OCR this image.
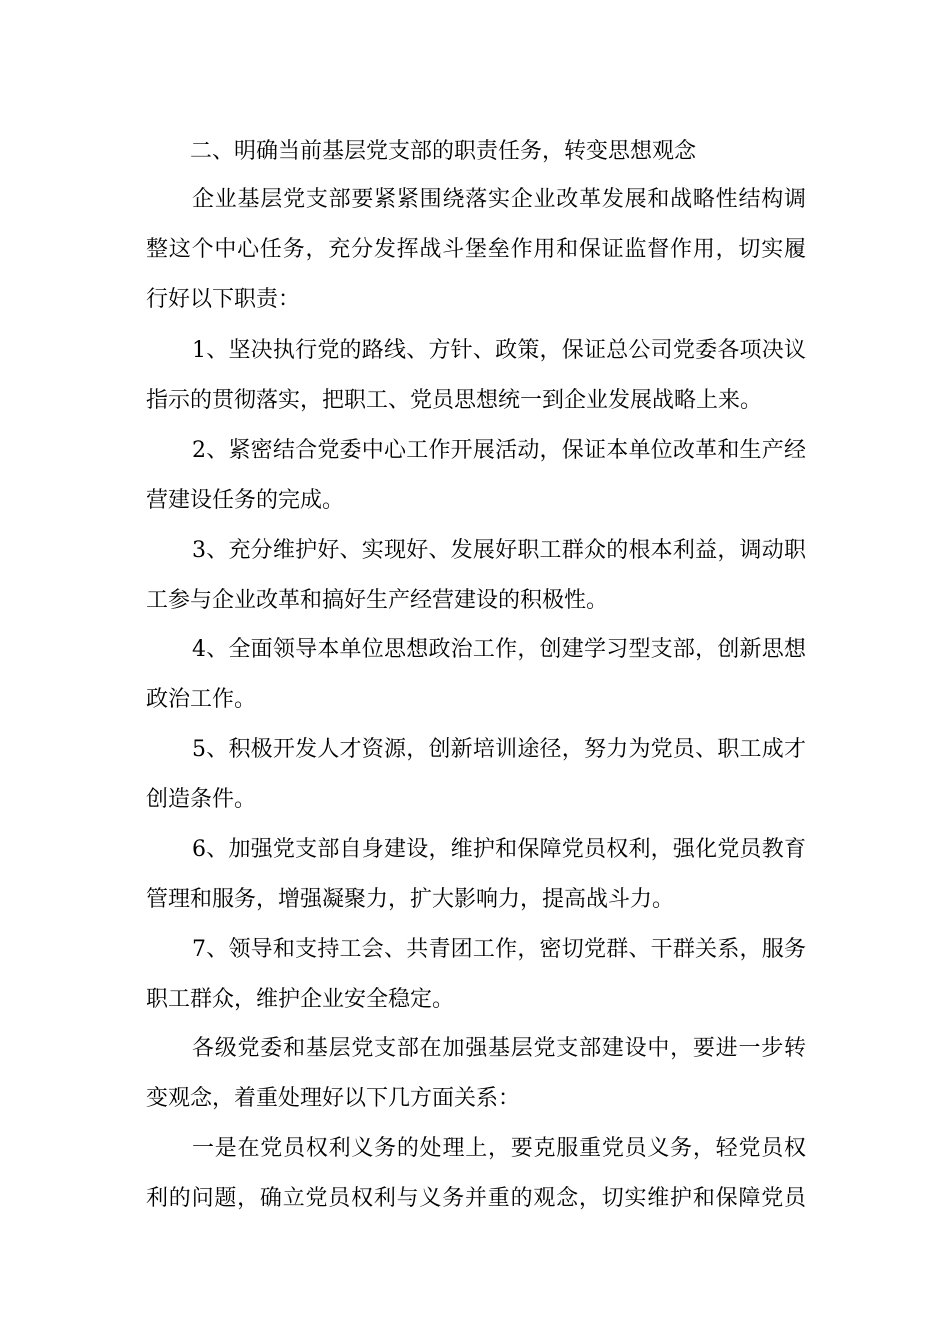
二、明确当前基层党支部的职责任务，转变思想观念
企业基层党支部要紧紧围绕落实企业改革发展和战略性结构调
整这个中心任务，充分发挥战斗堡垒作用和保证监督作用，切实履
行好以下职责：
1、坚决执行党的路线、方针、政策，保证总公司党委各项决议
指示的贯彻落实，把职工、党员思想统一到企业发展战略上来。
2、紧密结合党委中心工作开展活动，保证本单位改革和生产经
营建设任务的完成。
3、充分维护好、实现好、发展好职工群众的根本利益，调动职
工参与企业改革和搞好生产经营建设的积极性。
4、全面领导本单位思想政治工作，创建学习型支部，创新思想
政治工作。
5、积极开发人才资源，创新培训途径，努力为党员、职工成才
创造条件。
6、加强党支部自身建设，维护和保障党员权利，强化党员教育
管理和服务，增强凝聚力，扩大影响力，提高战斗力。
7、领导和支持工会、共青团工作，密切党群、干群关系，服务
职工群众，维护企业安全稳定。
各级党委和基层党支部在加强基层党支部建设中，要进一步转
变观念，着重处理好以下几方面关系：
一是在党员权利义务的处理上，要克服重党员义务，轻党员权
利的问题，确立党员权利与义务并重的观念，切实维护和保障党员
